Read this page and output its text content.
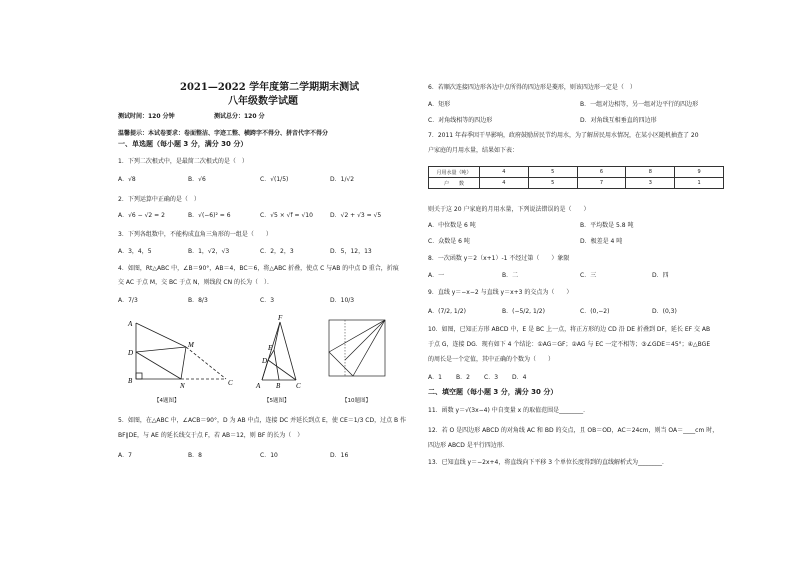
2021—2022 学年度第二学期期末测试
八年级数学试题
测试时间：120 分钟	测试总分：120 分
温馨提示：本试卷要求：卷面整洁、字迹工整、横跨字不得分、拼音代字不得分
一、单选题（每小题 3 分，满分 30 分）
1．下列二次根式中，是最简二次根式的是（　）
A．√8	B．√6	C．√(1/5)	D．1/√2
2．下列运算中正确的是（　）
A．√6 − √2 = 2	B．√(−6)² = 6	C．√5 × √f = √10	D．√2 + √3 = √5
3．下列各组数中，不能构成直角三角形的一组是（　　）
A．3，4，5	B．1，√2，√3	C．2，2，3	D．5，12，13
4．如图，Rt△ABC 中，∠B＝90°，AB＝4，BC＝6，将△ABC 折叠，使点 C 与AB 的中点 D 重合，折痕
交 AC 于点 M，交 BC 于点 N，则线段 CN 的长为（　）．
A．7/3	B．8/3	C．3	D．10/3
A
D
M
B
N	C
F
E
D
A B C
【4题图】	【5题图】	【10题图】
5．如图，在△ABC 中，∠ACB＝90°，D 为 AB 中点，连接 DC 并延长到点 E，使 CE＝1/3 CD，过点 B 作
BF∥DE，与 AE 的延长线交于点 F，若 AB＝12，则 BF 的长为（　）
A．7	B．8	C．10	D．16
6．若顺次连接四边形各边中点所得的四边形是菱形，则该四边形一定是（　）
A．矩形	B．一组对边相等，另一组对边平行的四边形
C．对角线相等的四边形	D．对角线互相垂直的四边形
7．2011 年春季因干旱影响，政府鼓励居民节约用水，为了解居民用水情况，在某小区随机抽查了 20
户家庭的月用水量，结果如下表：
月用水量（吨）	4	5	6	8	9
户　　数	4	5	7	3	1
则关于这 20 户家庭的月用水量，下列说法错误的是（　　）
A．中位数是 6 吨	B．平均数是 5.8 吨
C．众数是 6 吨	D．极差是 4 吨
8．一次函数 y＝2（x+1）-1 不经过第（　　）象限
A．一	B．二	C．三	D．四
9．直线 y＝−x−2 与直线 y＝x+3 的交点为（　　）
A．(7/2, 1/2)	B．(−5/2, 1/2)	C．(0,−2)	D．(0,3)
10．如图，已知正方形 ABCD 中，E 是 BC 上一点，将正方形的边 CD 沿 DE 折叠到 DF，延长 EF 交 AB
于点 G，连接 DG．现有如下 4 个结论：①AG＝GF；②AG 与 EC 一定不相等；③∠GDE＝45°；④△BGE
的周长是一个定值，其中正确的个数为（　　）
A．1 B．2 C．3 D．4
二、填空题（每小题 3 分，满分 30 分）
11．函数 y＝√(3x−4) 中自变量 x 的取值范围是________．
12．若 O 是四边形 ABCD 的对角线 AC 和 BD 的交点，且 OB＝OD，AC＝24cm，则当 OA＝____cm 时，
四边形 ABCD 是平行四边形．
13．已知直线 y＝−2x+4，将直线向下平移 3 个单位长度得到的直线解析式为________．
